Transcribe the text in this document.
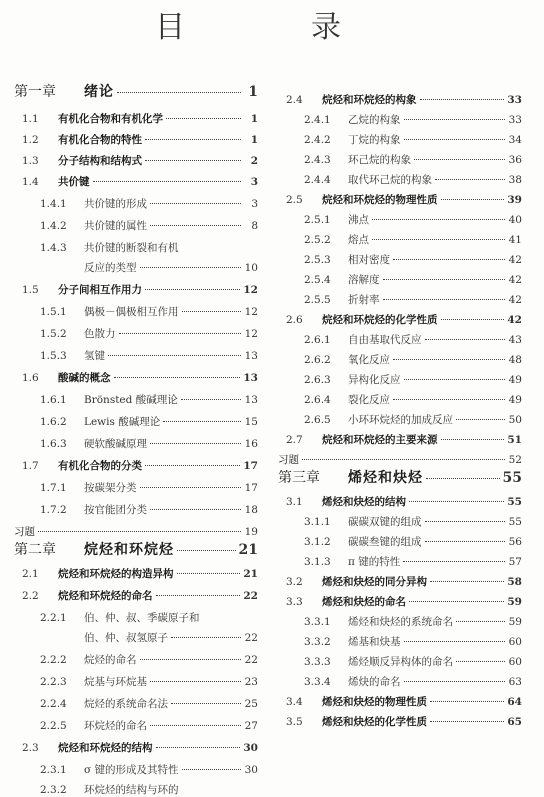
目　录
第一章	绪论	1
1.1	有机化合物和有机化学	1
1.2	有机化合物的特性	1
1.3	分子结构和结构式	2
1.4	共价键	3
1.4.1	共价键的形成	3
1.4.2	共价键的属性	8
1.4.3	共价键的断裂和有机
反应的类型	10
1.5	分子间相互作用力	12
1.5.1	偶极－偶极相互作用	12
1.5.2	色散力	12
1.5.3	氢键	13
1.6	酸碱的概念	13
1.6.1	Brönsted 酸碱理论	13
1.6.2	Lewis 酸碱理论	15
1.6.3	硬软酸碱原理	16
1.7	有机化合物的分类	17
1.7.1	按碳架分类	17
1.7.2	按官能团分类	18
习题	19
第二章	烷烃和环烷烃	21
2.1	烷烃和环烷烃的构造异构	21
2.2	烷烃和环烷烃的命名	22
2.2.1	伯、仲、叔、季碳原子和
伯、仲、叔氢原子	22
2.2.2	烷烃的命名	22
2.2.3	烷基与环烷基	23
2.2.4	烷烃的系统命名法	25
2.2.5	环烷烃的命名	27
2.3	烷烃和环烷烃的结构	30
2.3.1	σ 键的形成及其特性	30
2.3.2	环烷烃的结构与环的
2.4	烷烃和环烷烃的构象	33
2.4.1	乙烷的构象	33
2.4.2	丁烷的构象	34
2.4.3	环己烷的构象	36
2.4.4	取代环己烷的构象	38
2.5	烷烃和环烷烃的物理性质	39
2.5.1	沸点	40
2.5.2	熔点	41
2.5.3	相对密度	42
2.5.4	溶解度	42
2.5.5	折射率	42
2.6	烷烃和环烷烃的化学性质	42
2.6.1	自由基取代反应	43
2.6.2	氧化反应	48
2.6.3	异构化反应	49
2.6.4	裂化反应	49
2.6.5	小环环烷烃的加成反应	50
2.7	烷烃和环烷烃的主要来源	51
习题	52
第三章	烯烃和炔烃	55
3.1	烯烃和炔烃的结构	55
3.1.1	碳碳双键的组成	55
3.1.2	碳碳叁键的组成	56
3.1.3	π 键的特性	57
3.2	烯烃和炔烃的同分异构	58
3.3	烯烃和炔烃的命名	59
3.3.1	烯烃和炔烃的系统命名	59
3.3.2	烯基和炔基	60
3.3.3	烯烃顺反异构体的命名	60
3.3.4	烯炔的命名	63
3.4	烯烃和炔烃的物理性质	64
3.5	烯烃和炔烃的化学性质	65
